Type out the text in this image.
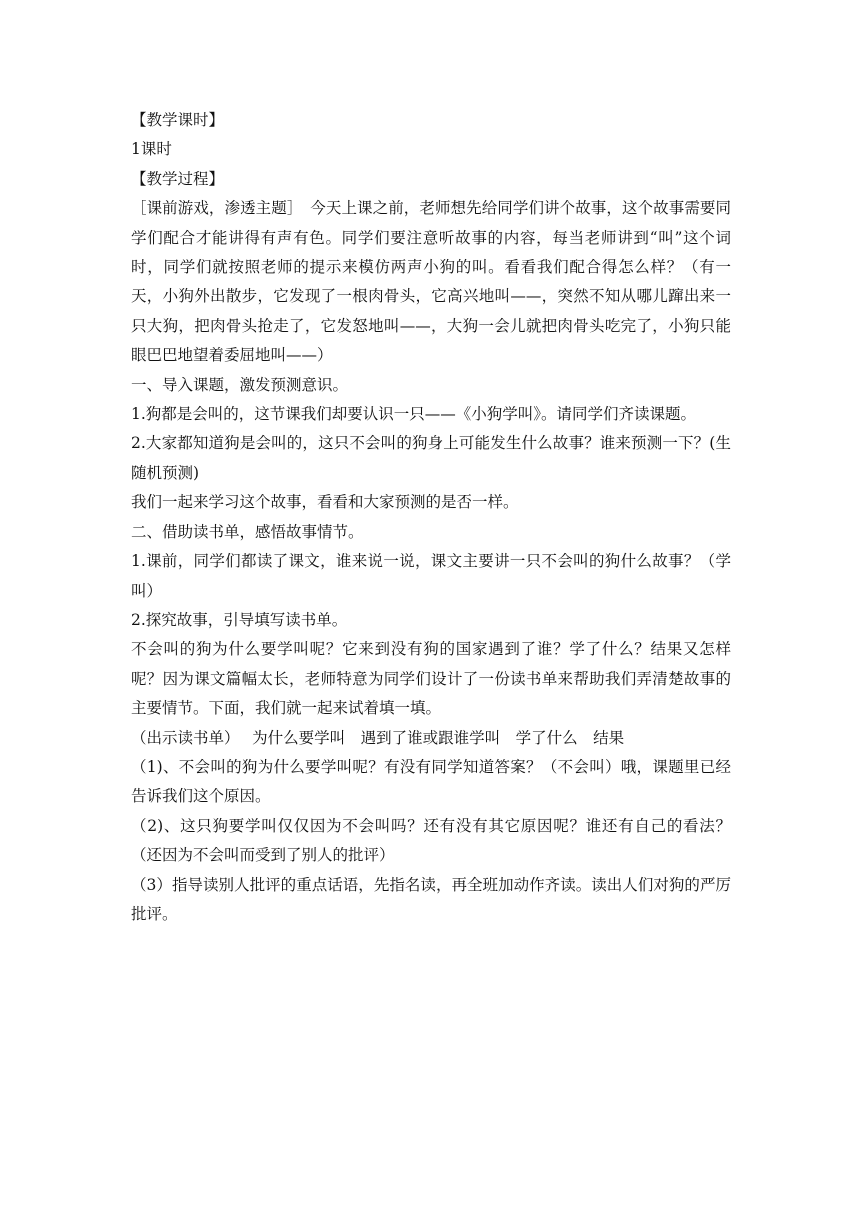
【教学课时】

1课时

【教学过程】

［课前游戏，渗透主题］　今天上课之前，老师想先给同学们讲个故事，这个故事需要同学们配合才能讲得有声有色。同学们要注意听故事的内容，每当老师讲到“叫”这个词时，同学们就按照老师的提示来模仿两声小狗的叫。看看我们配合得怎么样？（有一天，小狗外出散步，它发现了一根肉骨头，它高兴地叫——，突然不知从哪儿蹿出来一只大狗，把肉骨头抢走了，它发怒地叫——，大狗一会儿就把肉骨头吃完了，小狗只能眼巴巴地望着委屈地叫——）

一、导入课题，激发预测意识。

1.狗都是会叫的，这节课我们却要认识一只——《小狗学叫》。请同学们齐读课题。

2.大家都知道狗是会叫的，这只不会叫的狗身上可能发生什么故事？谁来预测一下？(生随机预测)

我们一起来学习这个故事，看看和大家预测的是否一样。

二、借助读书单，感悟故事情节。

1.课前，同学们都读了课文，谁来说一说，课文主要讲一只不会叫的狗什么故事？（学叫）

2.探究故事，引导填写读书单。

不会叫的狗为什么要学叫呢？它来到没有狗的国家遇到了谁？学了什么？结果又怎样呢？因为课文篇幅太长，老师特意为同学们设计了一份读书单来帮助我们弄清楚故事的主要情节。下面，我们就一起来试着填一填。

（出示读书单）　 为什么要学叫　遇到了谁或跟谁学叫　学了什么　结果

（1)、不会叫的狗为什么要学叫呢？有没有同学知道答案？（不会叫）哦，课题里已经告诉我们这个原因。

（2)、这只狗要学叫仅仅因为不会叫吗？还有没有其它原因呢？谁还有自己的看法？（还因为不会叫而受到了别人的批评）

（3）指导读别人批评的重点话语，先指名读，再全班加动作齐读。读出人们对狗的严厉批评。
